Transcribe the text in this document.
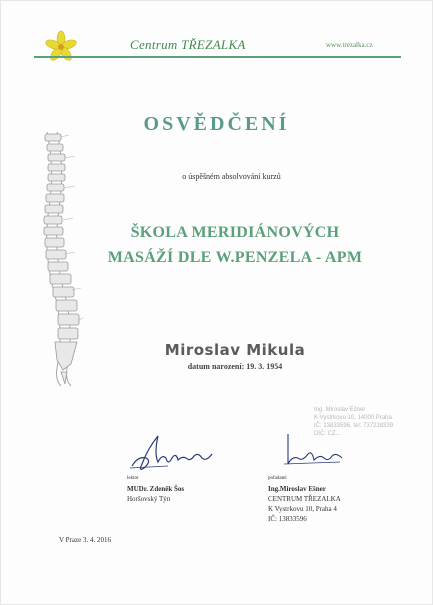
Centrum TŘEZALKA	www.trezalka.cz
OSVĚDČENÍ
o úspěšném absolvování kurzů
ŠKOLA MERIDIÁNOVÝCH
MASÁŽÍ DLE W.PENZELA - APM
Miroslav Mikula
datum narození: 19. 3. 1954
Ing. Miroslav Ešner
K Vystrkovu 10, 14000 Praha
IČ: 13833596, tel: 737228339
DIČ: CZ...
lektor
MUDr. Zdeněk Šos
Horšovský Týn
pořadatel
Ing.Miroslav Ešner
CENTRUM TŘEZALKA
K Vystrkovu 10, Praha 4
IČ: 13833596
V Praze 3. 4. 2016
